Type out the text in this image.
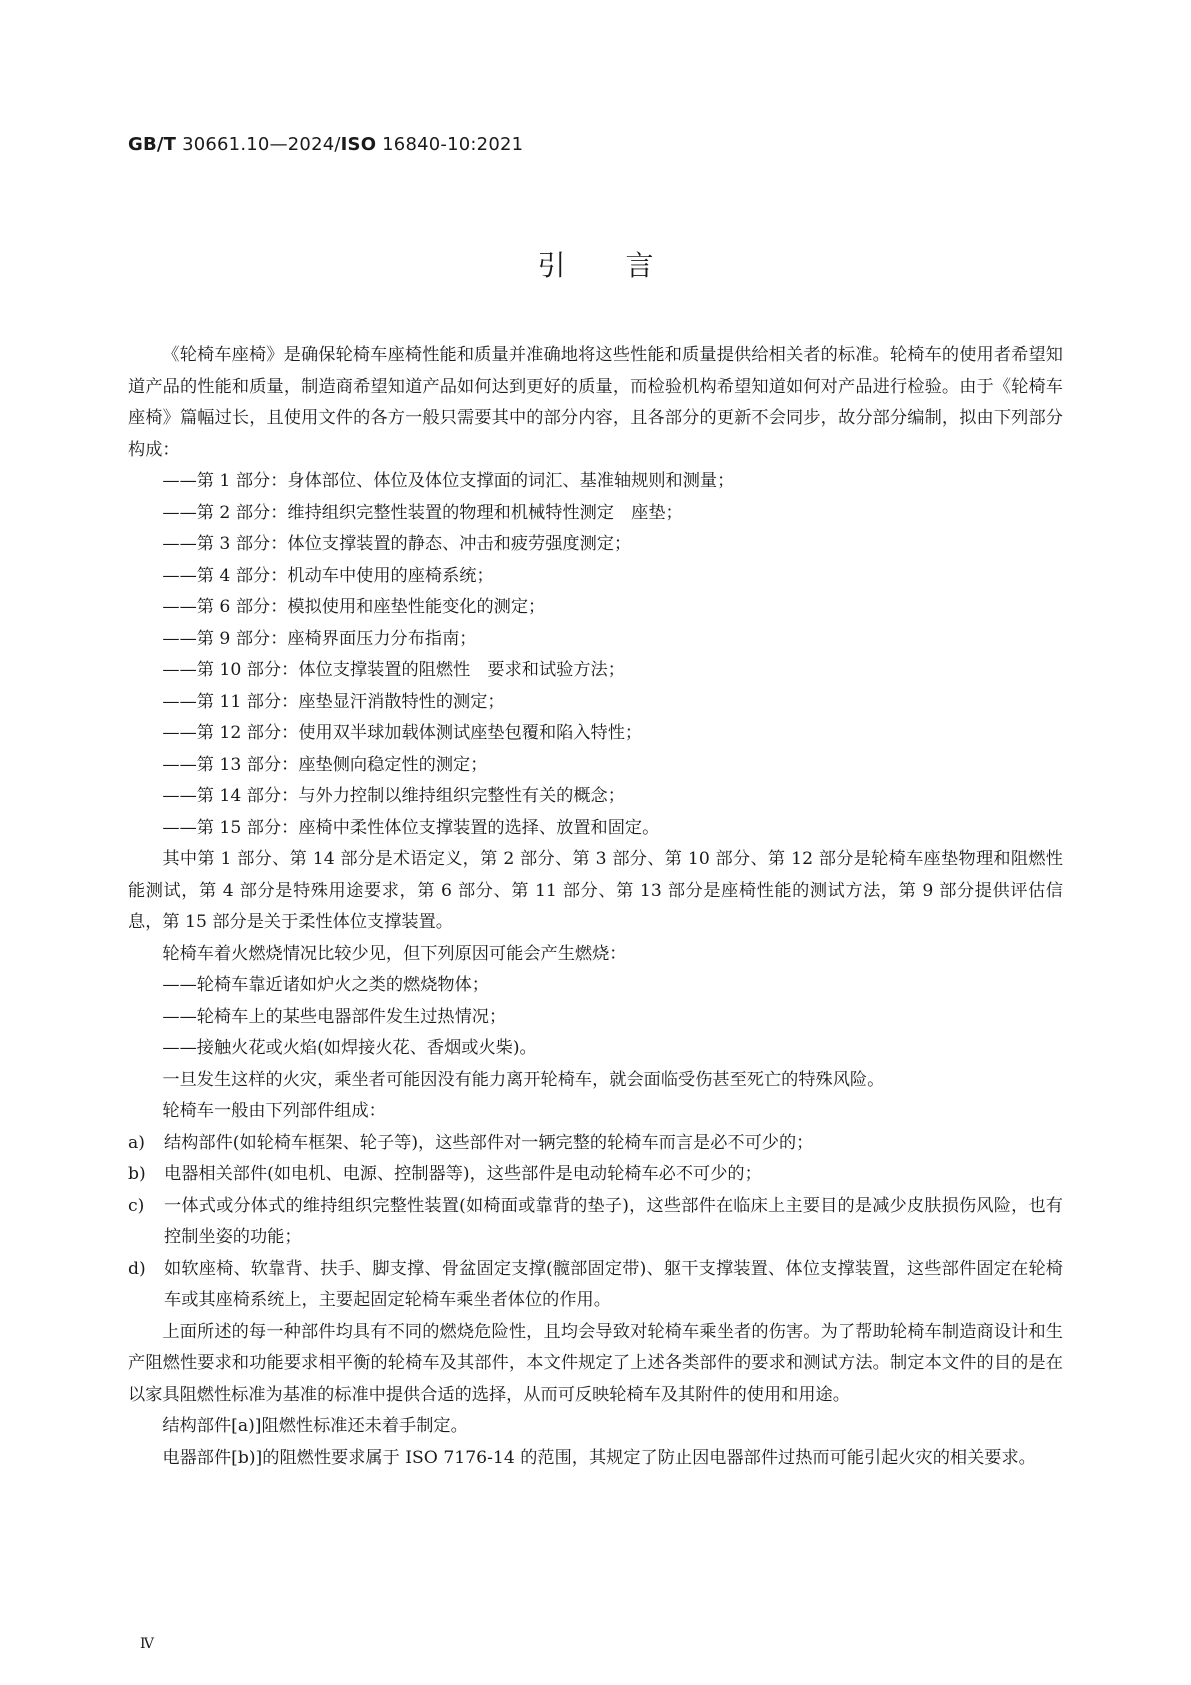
GB/T 30661.10—2024/ISO 16840-10:2021
引言

《轮椅车座椅》是确保轮椅车座椅性能和质量并准确地将这些性能和质量提供给相关者的标准。轮椅车的使用者希望知道产品的性能和质量，制造商希望知道产品如何达到更好的质量，而检验机构希望知道如何对产品进行检验。由于《轮椅车座椅》篇幅过长，且使用文件的各方一般只需要其中的部分内容，且各部分的更新不会同步，故分部分编制，拟由下列部分构成：

——第 1 部分：身体部位、体位及体位支撑面的词汇、基准轴规则和测量；

——第 2 部分：维持组织完整性装置的物理和机械特性测定　座垫；

——第 3 部分：体位支撑装置的静态、冲击和疲劳强度测定；

——第 4 部分：机动车中使用的座椅系统；

——第 6 部分：模拟使用和座垫性能变化的测定；

——第 9 部分：座椅界面压力分布指南；

——第 10 部分：体位支撑装置的阻燃性　要求和试验方法；

——第 11 部分：座垫显汗消散特性的测定；

——第 12 部分：使用双半球加载体测试座垫包覆和陷入特性；

——第 13 部分：座垫侧向稳定性的测定；

——第 14 部分：与外力控制以维持组织完整性有关的概念；

——第 15 部分：座椅中柔性体位支撑装置的选择、放置和固定。

其中第 1 部分、第 14 部分是术语定义，第 2 部分、第 3 部分、第 10 部分、第 12 部分是轮椅车座垫物理和阻燃性能测试，第 4 部分是特殊用途要求，第 6 部分、第 11 部分、第 13 部分是座椅性能的测试方法，第 9 部分提供评估信息，第 15 部分是关于柔性体位支撑装置。

轮椅车着火燃烧情况比较少见，但下列原因可能会产生燃烧：

——轮椅车靠近诸如炉火之类的燃烧物体；

——轮椅车上的某些电器部件发生过热情况；

——接触火花或火焰(如焊接火花、香烟或火柴)。

一旦发生这样的火灾，乘坐者可能因没有能力离开轮椅车，就会面临受伤甚至死亡的特殊风险。

轮椅车一般由下列部件组成：

a)	结构部件(如轮椅车框架、轮子等)，这些部件对一辆完整的轮椅车而言是必不可少的；
b)	电器相关部件(如电机、电源、控制器等)，这些部件是电动轮椅车必不可少的；
c)	一体式或分体式的维持组织完整性装置(如椅面或靠背的垫子)，这些部件在临床上主要目的是减少皮肤损伤风险，也有控制坐姿的功能；
d)	如软座椅、软靠背、扶手、脚支撑、骨盆固定支撑(髋部固定带)、躯干支撑装置、体位支撑装置，这些部件固定在轮椅车或其座椅系统上，主要起固定轮椅车乘坐者体位的作用。

上面所述的每一种部件均具有不同的燃烧危险性，且均会导致对轮椅车乘坐者的伤害。为了帮助轮椅车制造商设计和生产阻燃性要求和功能要求相平衡的轮椅车及其部件，本文件规定了上述各类部件的要求和测试方法。制定本文件的目的是在以家具阻燃性标准为基准的标准中提供合适的选择，从而可反映轮椅车及其附件的使用和用途。

结构部件[a)]阻燃性标准还未着手制定。

电器部件[b)]的阻燃性要求属于 ISO 7176-14 的范围，其规定了防止因电器部件过热而可能引起火灾的相关要求。

Ⅳ
